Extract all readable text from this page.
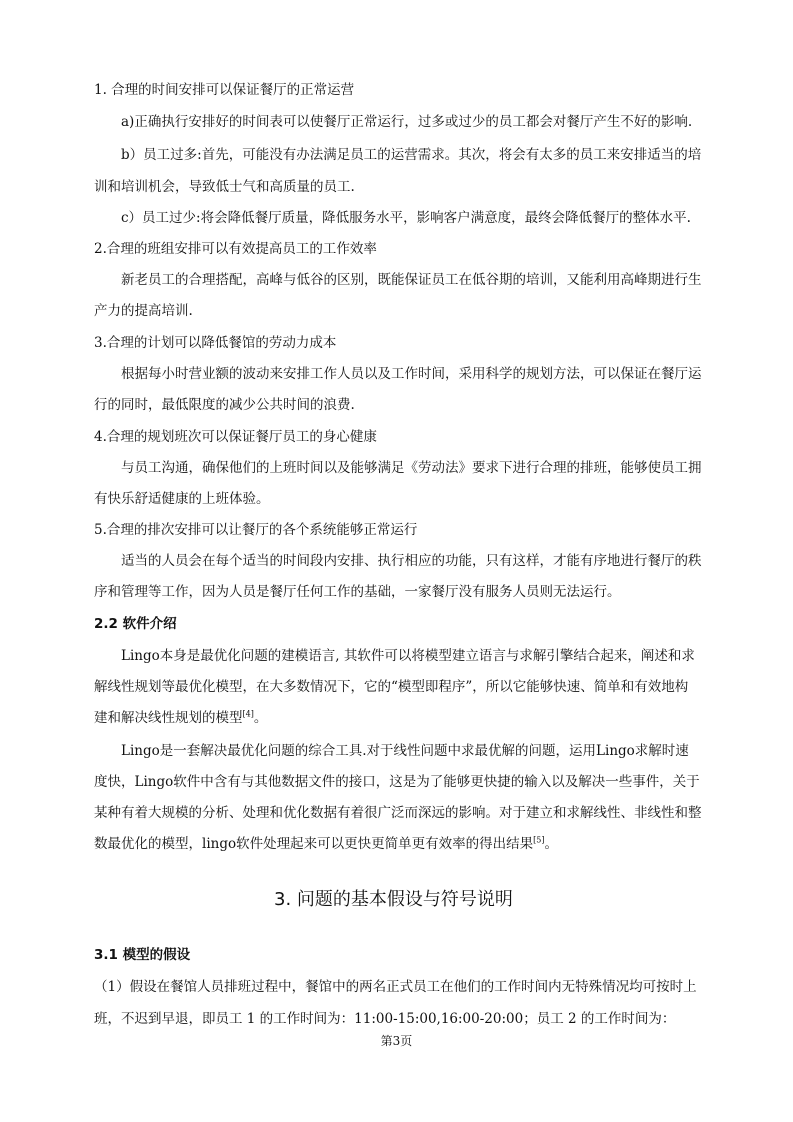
1. 合理的时间安排可以保证餐厅的正常运营
a)正确执行安排好的时间表可以使餐厅正常运行，过多或过少的员工都会对餐厅产生不好的影响.
b）员工过多:首先，可能没有办法满足员工的运营需求。其次，将会有太多的员工来安排适当的培
训和培训机会，导致低士气和高质量的员工.
c）员工过少:将会降低餐厅质量，降低服务水平，影响客户满意度，最终会降低餐厅的整体水平.
2.合理的班组安排可以有效提高员工的工作效率
新老员工的合理搭配，高峰与低谷的区别，既能保证员工在低谷期的培训，又能利用高峰期进行生
产力的提高培训.
3.合理的计划可以降低餐馆的劳动力成本
根据每小时营业额的波动来安排工作人员以及工作时间，采用科学的规划方法，可以保证在餐厅运
行的同时，最低限度的减少公共时间的浪费.
4.合理的规划班次可以保证餐厅员工的身心健康
与员工沟通，确保他们的上班时间以及能够满足《劳动法》要求下进行合理的排班，能够使员工拥
有快乐舒适健康的上班体验。
5.合理的排次安排可以让餐厅的各个系统能够正常运行
适当的人员会在每个适当的时间段内安排、执行相应的功能，只有这样，才能有序地进行餐厅的秩
序和管理等工作，因为人员是餐厅任何工作的基础，一家餐厅没有服务人员则无法运行。
2.2 软件介绍
Lingo本身是最优化问题的建模语言, 其软件可以将模型建立语言与求解引擎结合起来，阐述和求
解线性规划等最优化模型，在大多数情况下，它的“模型即程序”，所以它能够快速、简单和有效地构
建和解决线性规划的模型[4]。
Lingo是一套解决最优化问题的综合工具.对于线性问题中求最优解的问题，运用Lingo求解时速
度快，Lingo软件中含有与其他数据文件的接口，这是为了能够更快捷的输入以及解决一些事件，关于
某种有着大规模的分析、处理和优化数据有着很广泛而深远的影响。对于建立和求解线性、非线性和整
数最优化的模型，lingo软件处理起来可以更快更简单更有效率的得出结果[5]。
3. 问题的基本假设与符号说明
3.1 模型的假设
（1）假设在餐馆人员排班过程中，餐馆中的两名正式员工在他们的工作时间内无特殊情况均可按时上
班，不迟到早退，即员工 1 的工作时间为：11:00-15:00,16:00-20:00；员工 2 的工作时间为：
第3页
